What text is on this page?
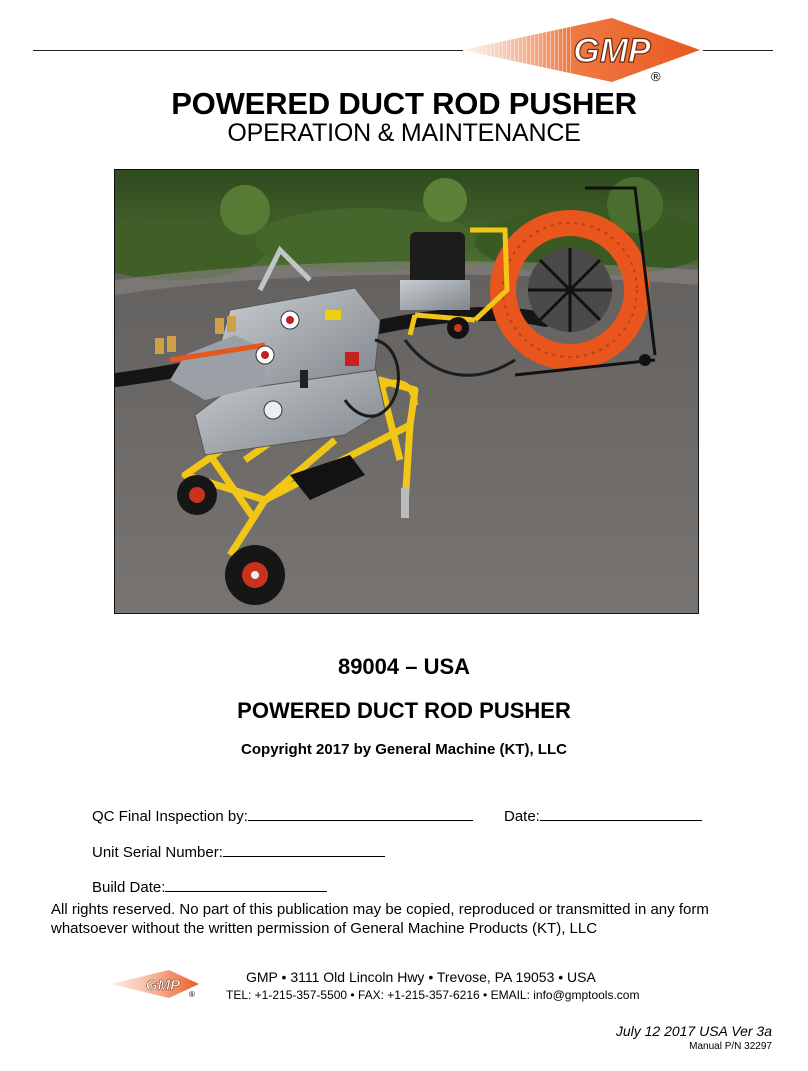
GMP
®
POWERED DUCT ROD PUSHER
OPERATION & MAINTENANCE
89004 – USA
POWERED DUCT ROD PUSHER
Copyright 2017 by General Machine (KT), LLC
QC Final Inspection by:	Date:
Unit Serial Number:
Build Date:
All rights reserved. No part of this publication may be copied, reproduced or transmitted in any form whatsoever without the written permission of General Machine Products (KT), LLC
GMP
®
GMP • 3111 Old Lincoln Hwy • Trevose, PA 19053 • USA
TEL: +1-215-357-5500 • FAX: +1-215-357-6216 • EMAIL: info@gmptools.com
July 12 2017 USA Ver 3a
Manual P/N 32297
